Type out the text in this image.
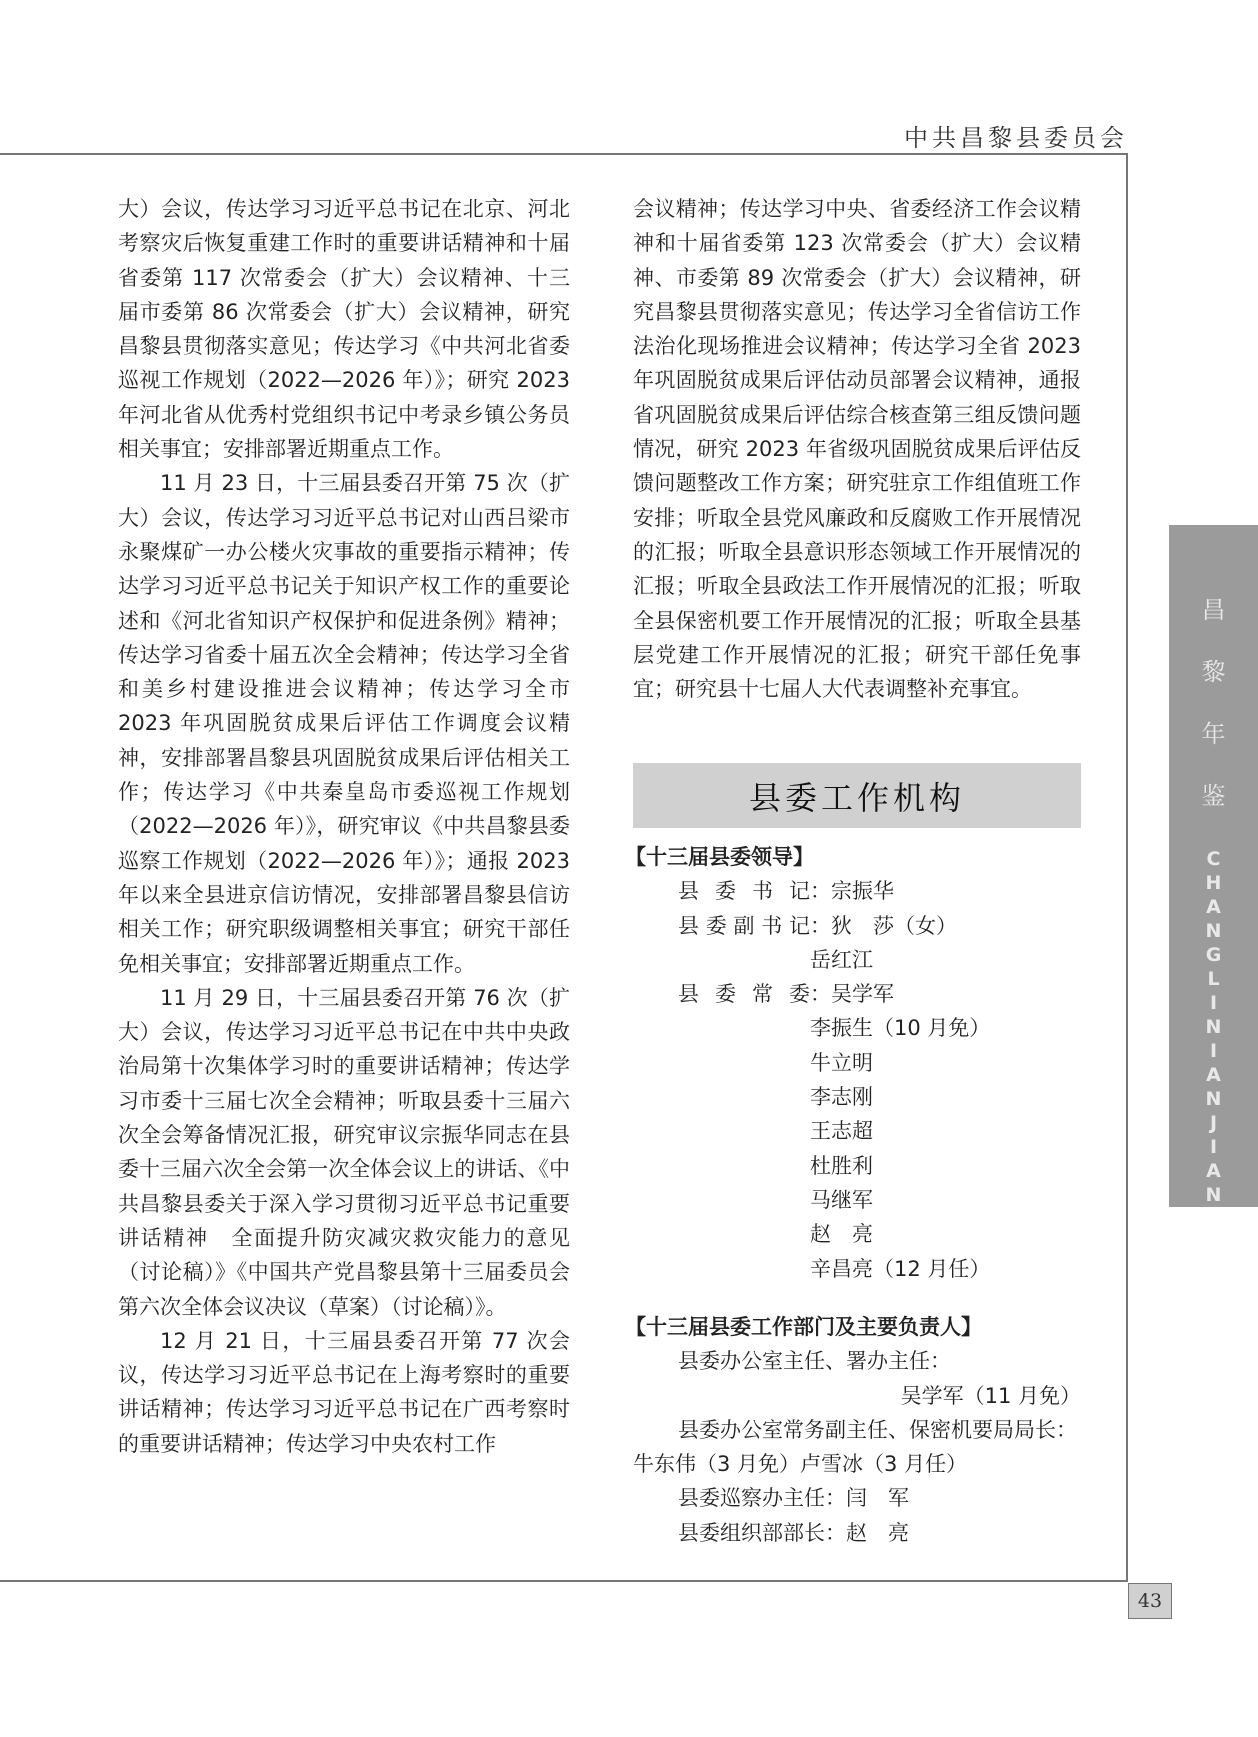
中共昌黎县委员会

大）会议，传达学习习近平总书记在北京、河北考察灾后恢复重建工作时的重要讲话精神和十届省委第 117 次常委会（扩大）会议精神、十三届市委第 86 次常委会（扩大）会议精神，研究昌黎县贯彻落实意见；传达学习《中共河北省委巡视工作规划（2022—2026 年）》；研究 2023 年河北省从优秀村党组织书记中考录乡镇公务员相关事宜；安排部署近期重点工作。

11 月 23 日，十三届县委召开第 75 次（扩大）会议，传达学习习近平总书记对山西吕梁市永聚煤矿一办公楼火灾事故的重要指示精神；传达学习习近平总书记关于知识产权工作的重要论述和《河北省知识产权保护和促进条例》精神；传达学习省委十届五次全会精神；传达学习全省和美乡村建设推进会议精神；传达学习全市 2023 年巩固脱贫成果后评估工作调度会议精神，安排部署昌黎县巩固脱贫成果后评估相关工作；传达学习《中共秦皇岛市委巡视工作规划（2022—2026 年）》，研究审议《中共昌黎县委巡察工作规划（2022—2026 年）》；通报 2023 年以来全县进京信访情况，安排部署昌黎县信访相关工作；研究职级调整相关事宜；研究干部任免相关事宜；安排部署近期重点工作。

11 月 29 日，十三届县委召开第 76 次（扩大）会议，传达学习习近平总书记在中共中央政治局第十次集体学习时的重要讲话精神；传达学习市委十三届七次全会精神；听取县委十三届六次全会筹备情况汇报，研究审议宗振华同志在县委十三届六次全会第一次全体会议上的讲话、《中共昌黎县委关于深入学习贯彻习近平总书记重要讲话精神　全面提升防灾减灾救灾能力的意见（讨论稿）》《中国共产党昌黎县第十三届委员会第六次全体会议决议（草案）（讨论稿）》。

12 月 21 日，十三届县委召开第 77 次会议，传达学习习近平总书记在上海考察时的重要讲话精神；传达学习习近平总书记在广西考察时的重要讲话精神；传达学习中央农村工作

会议精神；传达学习中央、省委经济工作会议精神和十届省委第 123 次常委会（扩大）会议精神、市委第 89 次常委会（扩大）会议精神，研究昌黎县贯彻落实意见；传达学习全省信访工作法治化现场推进会议精神；传达学习全省 2023 年巩固脱贫成果后评估动员部署会议精神，通报省巩固脱贫成果后评估综合核查第三组反馈问题情况，研究 2023 年省级巩固脱贫成果后评估反馈问题整改工作方案；研究驻京工作组值班工作安排；听取全县党风廉政和反腐败工作开展情况的汇报；听取全县意识形态领域工作开展情况的汇报；听取全县政法工作开展情况的汇报；听取全县保密机要工作开展情况的汇报；听取全县基层党建工作开展情况的汇报；研究干部任免事宜；研究县十七届人大代表调整补充事宜。

县委工作机构
【十三届县委领导】
县 委 书 记 ：宗振华
县委副书记 ：狄　莎（女）
岳红江
县 委 常 委 ：吴学军
李振生（10 月免）
牛立明
李志刚
王志超
杜胜利
马继军
赵　亮
辛昌亮（12 月任）
【十三届县委工作部门及主要负责人】
县委办公室主任、署办主任：
吴学军（11 月免）
县委办公室常务副主任、保密机要局局长：
牛东伟（3 月免）卢雪冰（3 月任）
县委巡察办主任：闫　军
县委组织部部长：赵　亮
昌
黎
年
鉴
C
H
A
N
G
L
I
N
I
A
N
J
I
A
N
43
